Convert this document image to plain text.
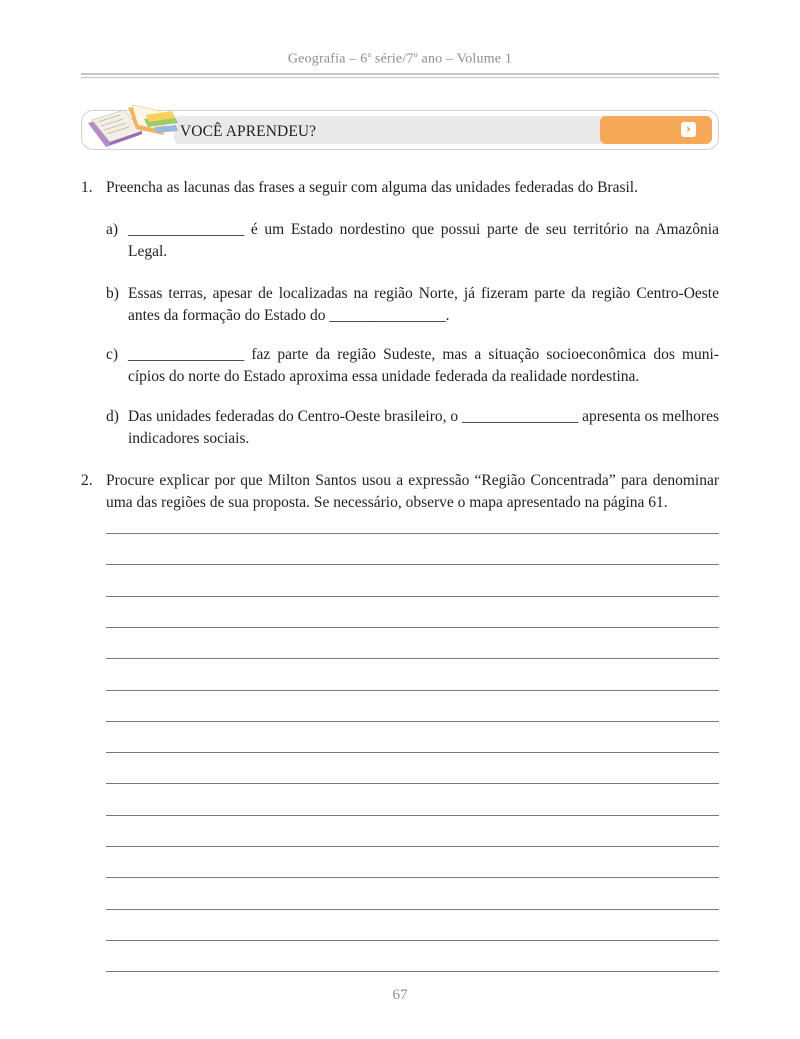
Geografia – 6$^a$ série/7$^o$ ano – Volume 1
VOCÊ APRENDEU?	›
1. Preencha as lacunas das frases a seguir com alguma das unidades federadas do Brasil.
a) _______________ é um Estado nordestino que possui parte de seu território na Amazônia Legal.
b) Essas terras, apesar de localizadas na região Norte, já fizeram parte da região Centro-Oeste antes da formação do Estado do _______________.
c) _______________ faz parte da região Sudeste, mas a situação socioeconômica dos muni-cípios do norte do Estado aproxima essa unidade federada da realidade nordestina.
d) Das unidades federadas do Centro-Oeste brasileiro, o _______________ apresenta os melhores indicadores sociais.
2. Procure explicar por que Milton Santos usou a expressão “Região Concentrada” para denominar uma das regiões de sua proposta. Se necessário, observe o mapa apresentado na página 61.
67
